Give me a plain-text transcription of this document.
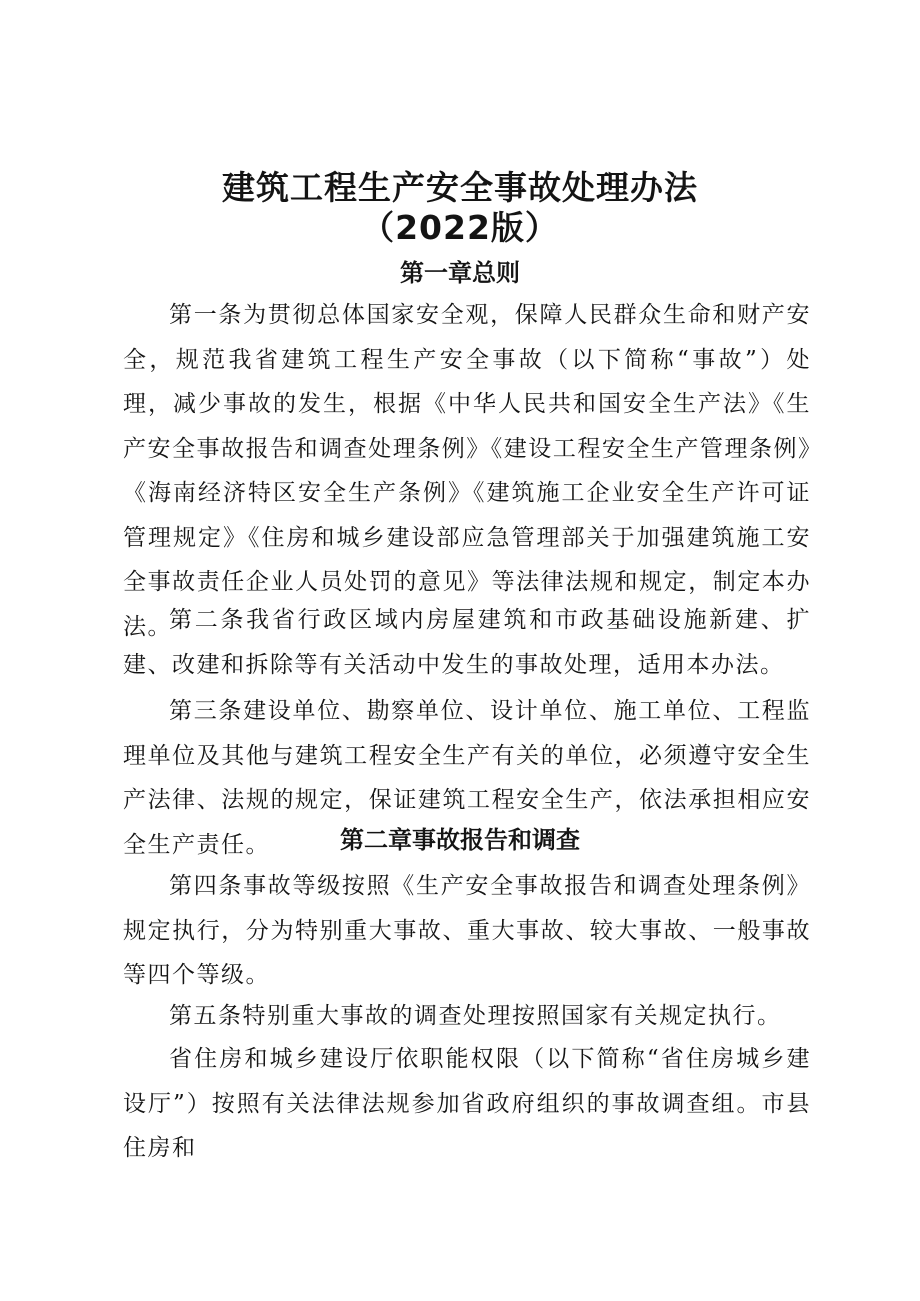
建筑工程生产安全事故处理办法
（2022版）
第一章总则

第一条为贯彻总体国家安全观，保障人民群众生命和财产安全，规范我省建筑工程生产安全事故（以下简称“事故”）处理，减少事故的发生，根据《中华人民共和国安全生产法》《生产安全事故报告和调查处理条例》《建设工程安全生产管理条例》《海南经济特区安全生产条例》《建筑施工企业安全生产许可证管理规定》《住房和城乡建设部应急管理部关于加强建筑施工安全事故责任企业人员处罚的意见》等法律法规和规定，制定本办法。

第二条我省行政区域内房屋建筑和市政基础设施新建、扩建、改建和拆除等有关活动中发生的事故处理，适用本办法。

第三条建设单位、勘察单位、设计单位、施工单位、工程监理单位及其他与建筑工程安全生产有关的单位，必须遵守安全生产法律、法规的规定，保证建筑工程安全生产，依法承担相应安全生产责任。	第二章事故报告和调查

第四条事故等级按照《生产安全事故报告和调查处理条例》规定执行，分为特别重大事故、重大事故、较大事故、一般事故等四个等级。

第五条特别重大事故的调查处理按照国家有关规定执行。

省住房和城乡建设厅依职能权限（以下简称“省住房城乡建设厅”）按照有关法律法规参加省政府组织的事故调查组。市县住房和
